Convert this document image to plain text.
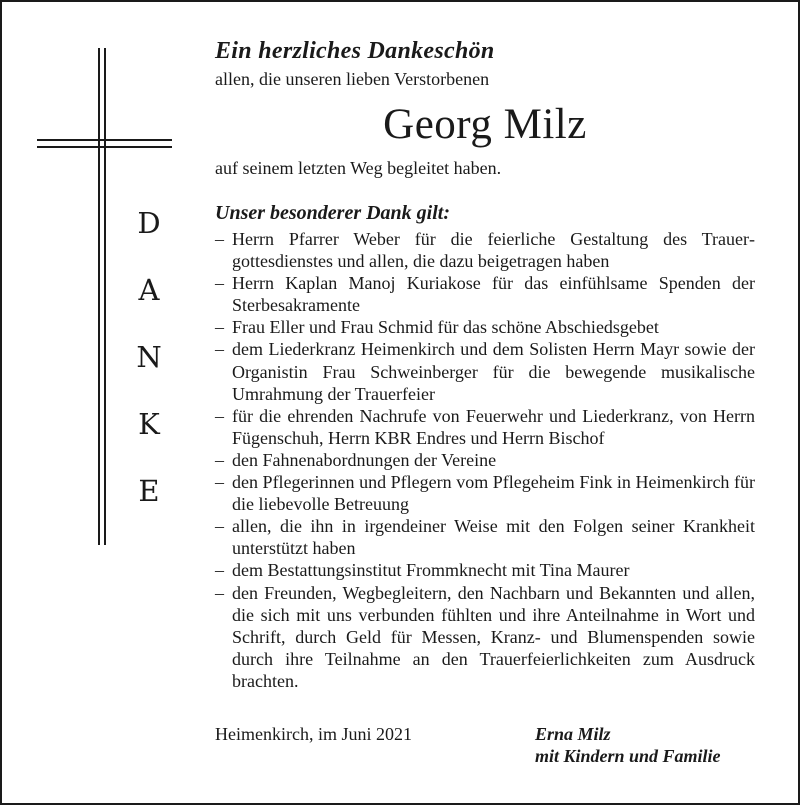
D
A
N
K
E
Ein herzliches Dankeschön
allen, die unseren lieben Verstorbenen
Georg Milz
auf seinem letzten Weg begleitet haben.
Unser besonderer Dank gilt:
– Herrn Pfarrer Weber für die feierliche Gestaltung des Trauergottesdienstes und allen, die dazu beigetragen haben
– Herrn Kaplan Manoj Kuriakose für das einfühlsame Spenden der Sterbesakramente
– Frau Eller und Frau Schmid für das schöne Abschiedsgebet
– dem Liederkranz Heimenkirch und dem Solisten Herrn Mayr sowie der Organistin Frau Schweinberger für die bewegende musikalische Umrahmung der Trauerfeier
– für die ehrenden Nachrufe von Feuerwehr und Liederkranz, von Herrn Fügenschuh, Herrn KBR Endres und Herrn Bischof
– den Fahnenabordnungen der Vereine
– den Pflegerinnen und Pflegern vom Pflegeheim Fink in Heimenkirch für die liebevolle Betreuung
– allen, die ihn in irgendeiner Weise mit den Folgen seiner Krankheit unterstützt haben
– dem Bestattungsinstitut Frommknecht mit Tina Maurer
– den Freunden, Wegbegleitern, den Nachbarn und Bekannten und allen, die sich mit uns verbunden fühlten und ihre Anteilnahme in Wort und Schrift, durch Geld für Messen, Kranz- und Blumenspenden sowie durch ihre Teilnahme an den Trauerfeierlichkeiten zum Ausdruck brachten.
Heimenkirch, im Juni 2021	Erna Milz
mit Kindern und Familie
